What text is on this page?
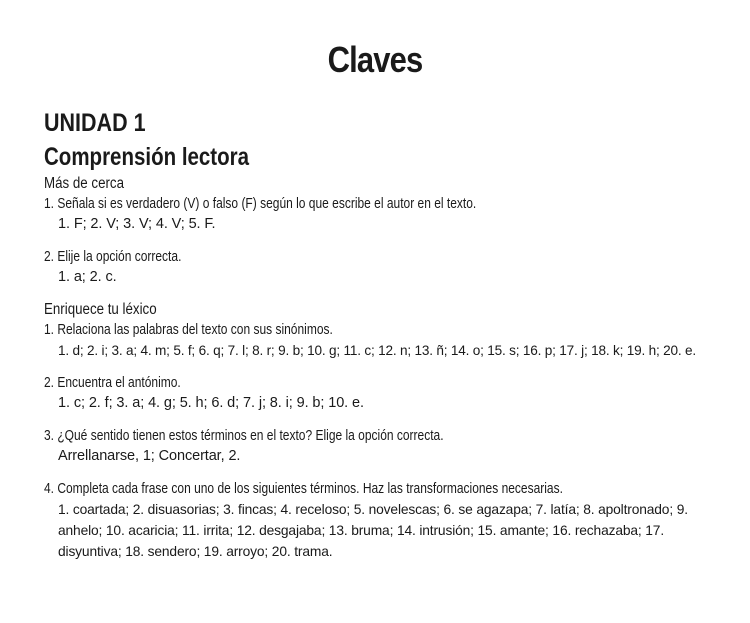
Claves
UNIDAD 1
Comprensión lectora
Más de cerca
1. Señala si es verdadero (V) o falso (F) según lo que escribe el autor en el texto.
1. F; 2. V; 3. V; 4. V; 5. F.
2. Elije la opción correcta.
1. a; 2. c.
Enriquece tu léxico
1. Relaciona las palabras del texto con sus sinónimos.
1. d; 2. i; 3. a; 4. m; 5. f; 6. q; 7. l; 8. r; 9. b; 10. g; 11. c; 12. n; 13. ñ; 14. o; 15. s; 16. p; 17. j; 18. k; 19. h; 20. e.
2. Encuentra el antónimo.
1. c; 2. f; 3. a; 4. g; 5. h; 6. d; 7. j; 8. i; 9. b; 10. e.
3. ¿Qué sentido tienen estos términos en el texto? Elige la opción correcta.
Arrellanarse, 1; Concertar, 2.
4. Completa cada frase con uno de los siguientes términos. Haz las transformaciones necesarias.
1. coartada; 2. disuasorias; 3. fincas; 4. receloso; 5. novelescas; 6. se agazapa; 7. latía; 8. apoltronado; 9. anhelo; 10. acaricia; 11. irrita; 12. desgajaba; 13. bruma; 14. intrusión; 15. amante; 16. rechazaba; 17. disyuntiva; 18. sendero; 19. arroyo; 20. trama.
